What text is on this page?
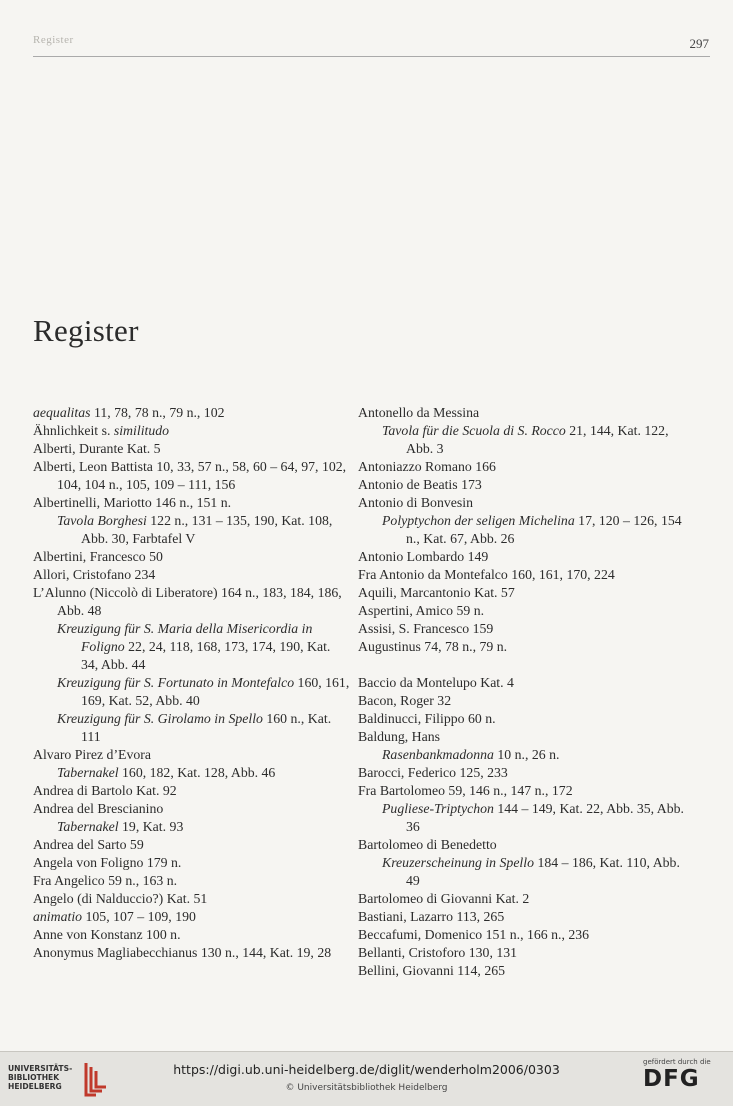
Register	297
Register
aequalitas 11, 78, 78 n., 79 n., 102
Ähnlichkeit s. similitudo
Alberti, Durante Kat. 5
Alberti, Leon Battista 10, 33, 57 n., 58, 60 – 64, 97, 102, 104, 104 n., 105, 109 – 111, 156
Albertinelli, Mariotto 146 n., 151 n.
Tavola Borghesi 122 n., 131 – 135, 190, Kat. 108, Abb. 30, Farbtafel V
Albertini, Francesco 50
Allori, Cristofano 234
L’Alunno (Niccolò di Liberatore) 164 n., 183, 184, 186, Abb. 48
Kreuzigung für S. Maria della Misericordia in Foligno 22, 24, 118, 168, 173, 174, 190, Kat. 34, Abb. 44
Kreuzigung für S. Fortunato in Montefalco 160, 161, 169, Kat. 52, Abb. 40
Kreuzigung für S. Girolamo in Spello 160 n., Kat. 111
Alvaro Pirez d’Evora
Tabernakel 160, 182, Kat. 128, Abb. 46
Andrea di Bartolo Kat. 92
Andrea del Brescianino
Tabernakel 19, Kat. 93
Andrea del Sarto 59
Angela von Foligno 179 n.
Fra Angelico 59 n., 163 n.
Angelo (di Nalduccio?) Kat. 51
animatio 105, 107 – 109, 190
Anne von Konstanz 100 n.
Anonymus Magliabecchianus 130 n., 144, Kat. 19, 28
Antonello da Messina
Tavola für die Scuola di S. Rocco 21, 144, Kat. 122, Abb. 3
Antoniazzo Romano 166
Antonio de Beatis 173
Antonio di Bonvesin
Polyptychon der seligen Michelina 17, 120 – 126, 154 n., Kat. 67, Abb. 26
Antonio Lombardo 149
Fra Antonio da Montefalco 160, 161, 170, 224
Aquili, Marcantonio Kat. 57
Aspertini, Amico 59 n.
Assisi, S. Francesco 159
Augustinus 74, 78 n., 79 n.
Baccio da Montelupo Kat. 4
Bacon, Roger 32
Baldinucci, Filippo 60 n.
Baldung, Hans
Rasenbankmadonna 10 n., 26 n.
Barocci, Federico 125, 233
Fra Bartolomeo 59, 146 n., 147 n., 172
Pugliese-Triptychon 144 – 149, Kat. 22, Abb. 35, Abb. 36
Bartolomeo di Benedetto
Kreuzerscheinung in Spello 184 – 186, Kat. 110, Abb. 49
Bartolomeo di Giovanni Kat. 2
Bastiani, Lazarro 113, 265
Beccafumi, Domenico 151 n., 166 n., 236
Bellanti, Cristoforo 130, 131
Bellini, Giovanni 114, 265
UNIVERSITÄTS-
BIBLIOTHEK
HEIDELBERG
https://digi.ub.uni-heidelberg.de/diglit/wenderholm2006/0303
© Universitätsbibliothek Heidelberg
gefördert durch die
DFG
